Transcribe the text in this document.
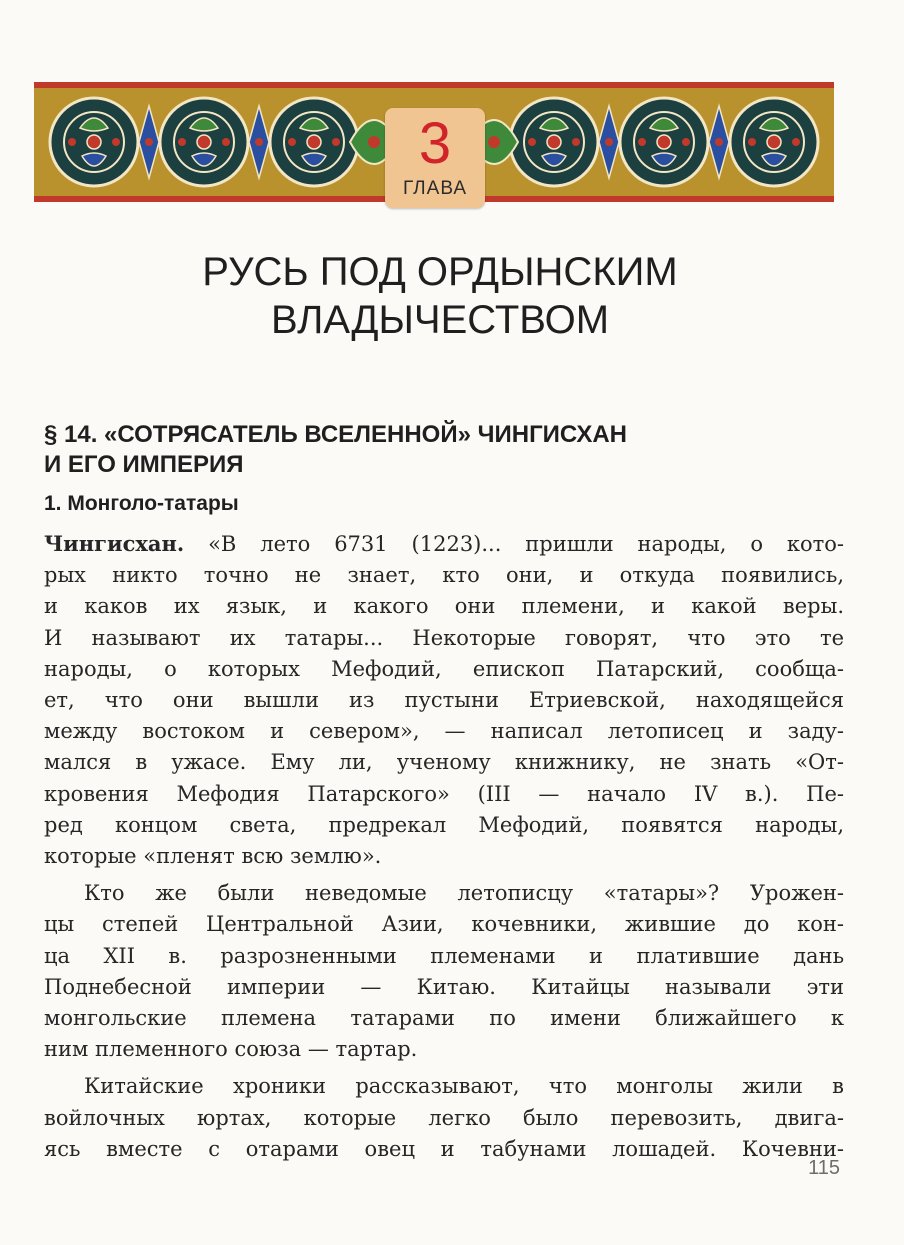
3
ГЛАВА
РУСЬ ПОД ОРДЫНСКИМ
ВЛАДЫЧЕСТВОМ
§ 14. «СОТРЯСАТЕЛЬ ВСЕЛЕННОЙ» ЧИНГИСХАН
И ЕГО ИМПЕРИЯ
1. Монголо-татары

Чингисхан. «В лето 6731 (1223)... пришли народы, о кото-
рых никто точно не знает, кто они, и откуда появились,
и каков их язык, и какого они племени, и какой веры.
И называют их татары... Некоторые говорят, что это те
народы, о которых Мефодий, епископ Патарский, сообща-
ет, что они вышли из пустыни Етриевской, находящейся
между востоком и севером», — написал летописец и заду-
мался в ужасе. Ему ли, ученому книжнику, не знать «От-
кровения Мефодия Патарского» (III — начало IV в.). Пе-
ред концом света, предрекал Мефодий, появятся народы,
которые «пленят всю землю».

Кто же были неведомые летописцу «татары»? Урожен-
цы степей Центральной Азии, кочевники, жившие до кон-
ца XII в. разрозненными племенами и платившие дань
Поднебесной империи — Китаю. Китайцы называли эти
монгольские племена татарами по имени ближайшего к
ним племенного союза — тартар.

Китайские хроники рассказывают, что монголы жили в
войлочных юртах, которые легко было перевозить, двига-
ясь вместе с отарами овец и табунами лошадей. Кочевни-

115
